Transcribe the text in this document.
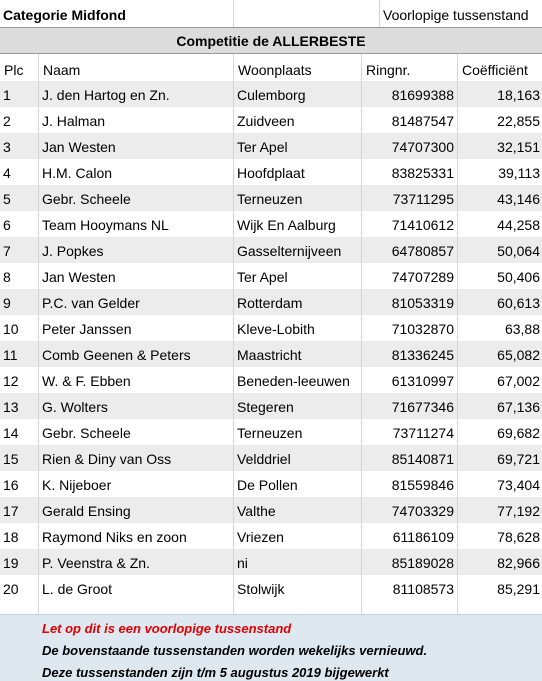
Categorie Midfond	Voorlopige tussenstand
Competitie de ALLERBESTE
Plc	Naam	Woonplaats	Ringnr.	Coëfficiënt
1	J. den Hartog en Zn.	Culemborg	81699388	18,163
2	J. Halman	Zuidveen	81487547	22,855
3	Jan Westen	Ter Apel	74707300	32,151
4	H.M. Calon	Hoofdplaat	83825331	39,113
5	Gebr. Scheele	Terneuzen	73711295	43,146
6	Team Hooymans NL	Wijk En Aalburg	71410612	44,258
7	J. Popkes	Gasselternijveen	64780857	50,064
8	Jan Westen	Ter Apel	74707289	50,406
9	P.C. van Gelder	Rotterdam	81053319	60,613
10	Peter Janssen	Kleve-Lobith	71032870	63,88
11	Comb Geenen & Peters	Maastricht	81336245	65,082
12	W. & F. Ebben	Beneden-leeuwen	61310997	67,002
13	G. Wolters	Stegeren	71677346	67,136
14	Gebr. Scheele	Terneuzen	73711274	69,682
15	Rien & Diny van Oss	Velddriel	85140871	69,721
16	K. Nijeboer	De Pollen	81559846	73,404
17	Gerald Ensing	Valthe	74703329	77,192
18	Raymond Niks en zoon	Vriezen	61186109	78,628
19	P. Veenstra & Zn.	ni	85189028	82,966
20	L. de Groot	Stolwijk	81108573	85,291
Let op dit is een voorlopige tussenstand
De bovenstaande tussenstanden worden wekelijks vernieuwd.
Deze tussenstanden zijn t/m 5 augustus 2019 bijgewerkt
